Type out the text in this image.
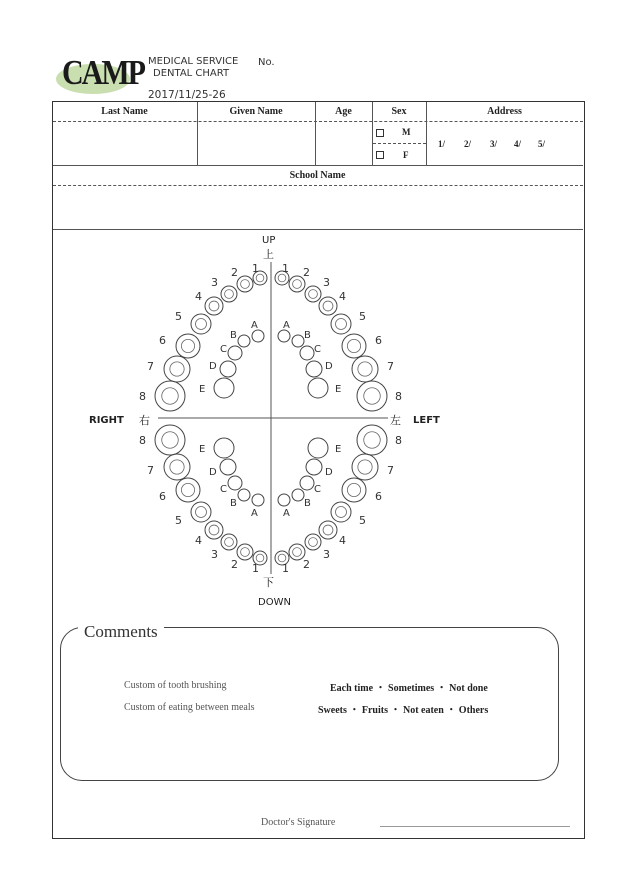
CAMP MEDICAL SERVICE
DENTAL CHART
No.
2017/11/25-26
Last Name	Given Name	Age	Sex	Address
M
F
1/ 2/ 3/ 4/ 5/
School Name
1
2
3
4
5
6
7
8
A
B
C
D
E
1 2
3
4
5
6
7
8
A
B
C
D
E
1
2
3
4
5
6
7
8
A
B
C
D
E
1 2
3
4
5
6
7
8
A
B
C
D
E
UP
上
下
DOWN
RIGHT 右	左 LEFT
Comments
Custom of tooth brushing	Each time ・ Sometimes ・ Not done
Custom of eating between meals	Sweets ・ Fruits ・ Not eaten ・ Others
Doctor's Signature
